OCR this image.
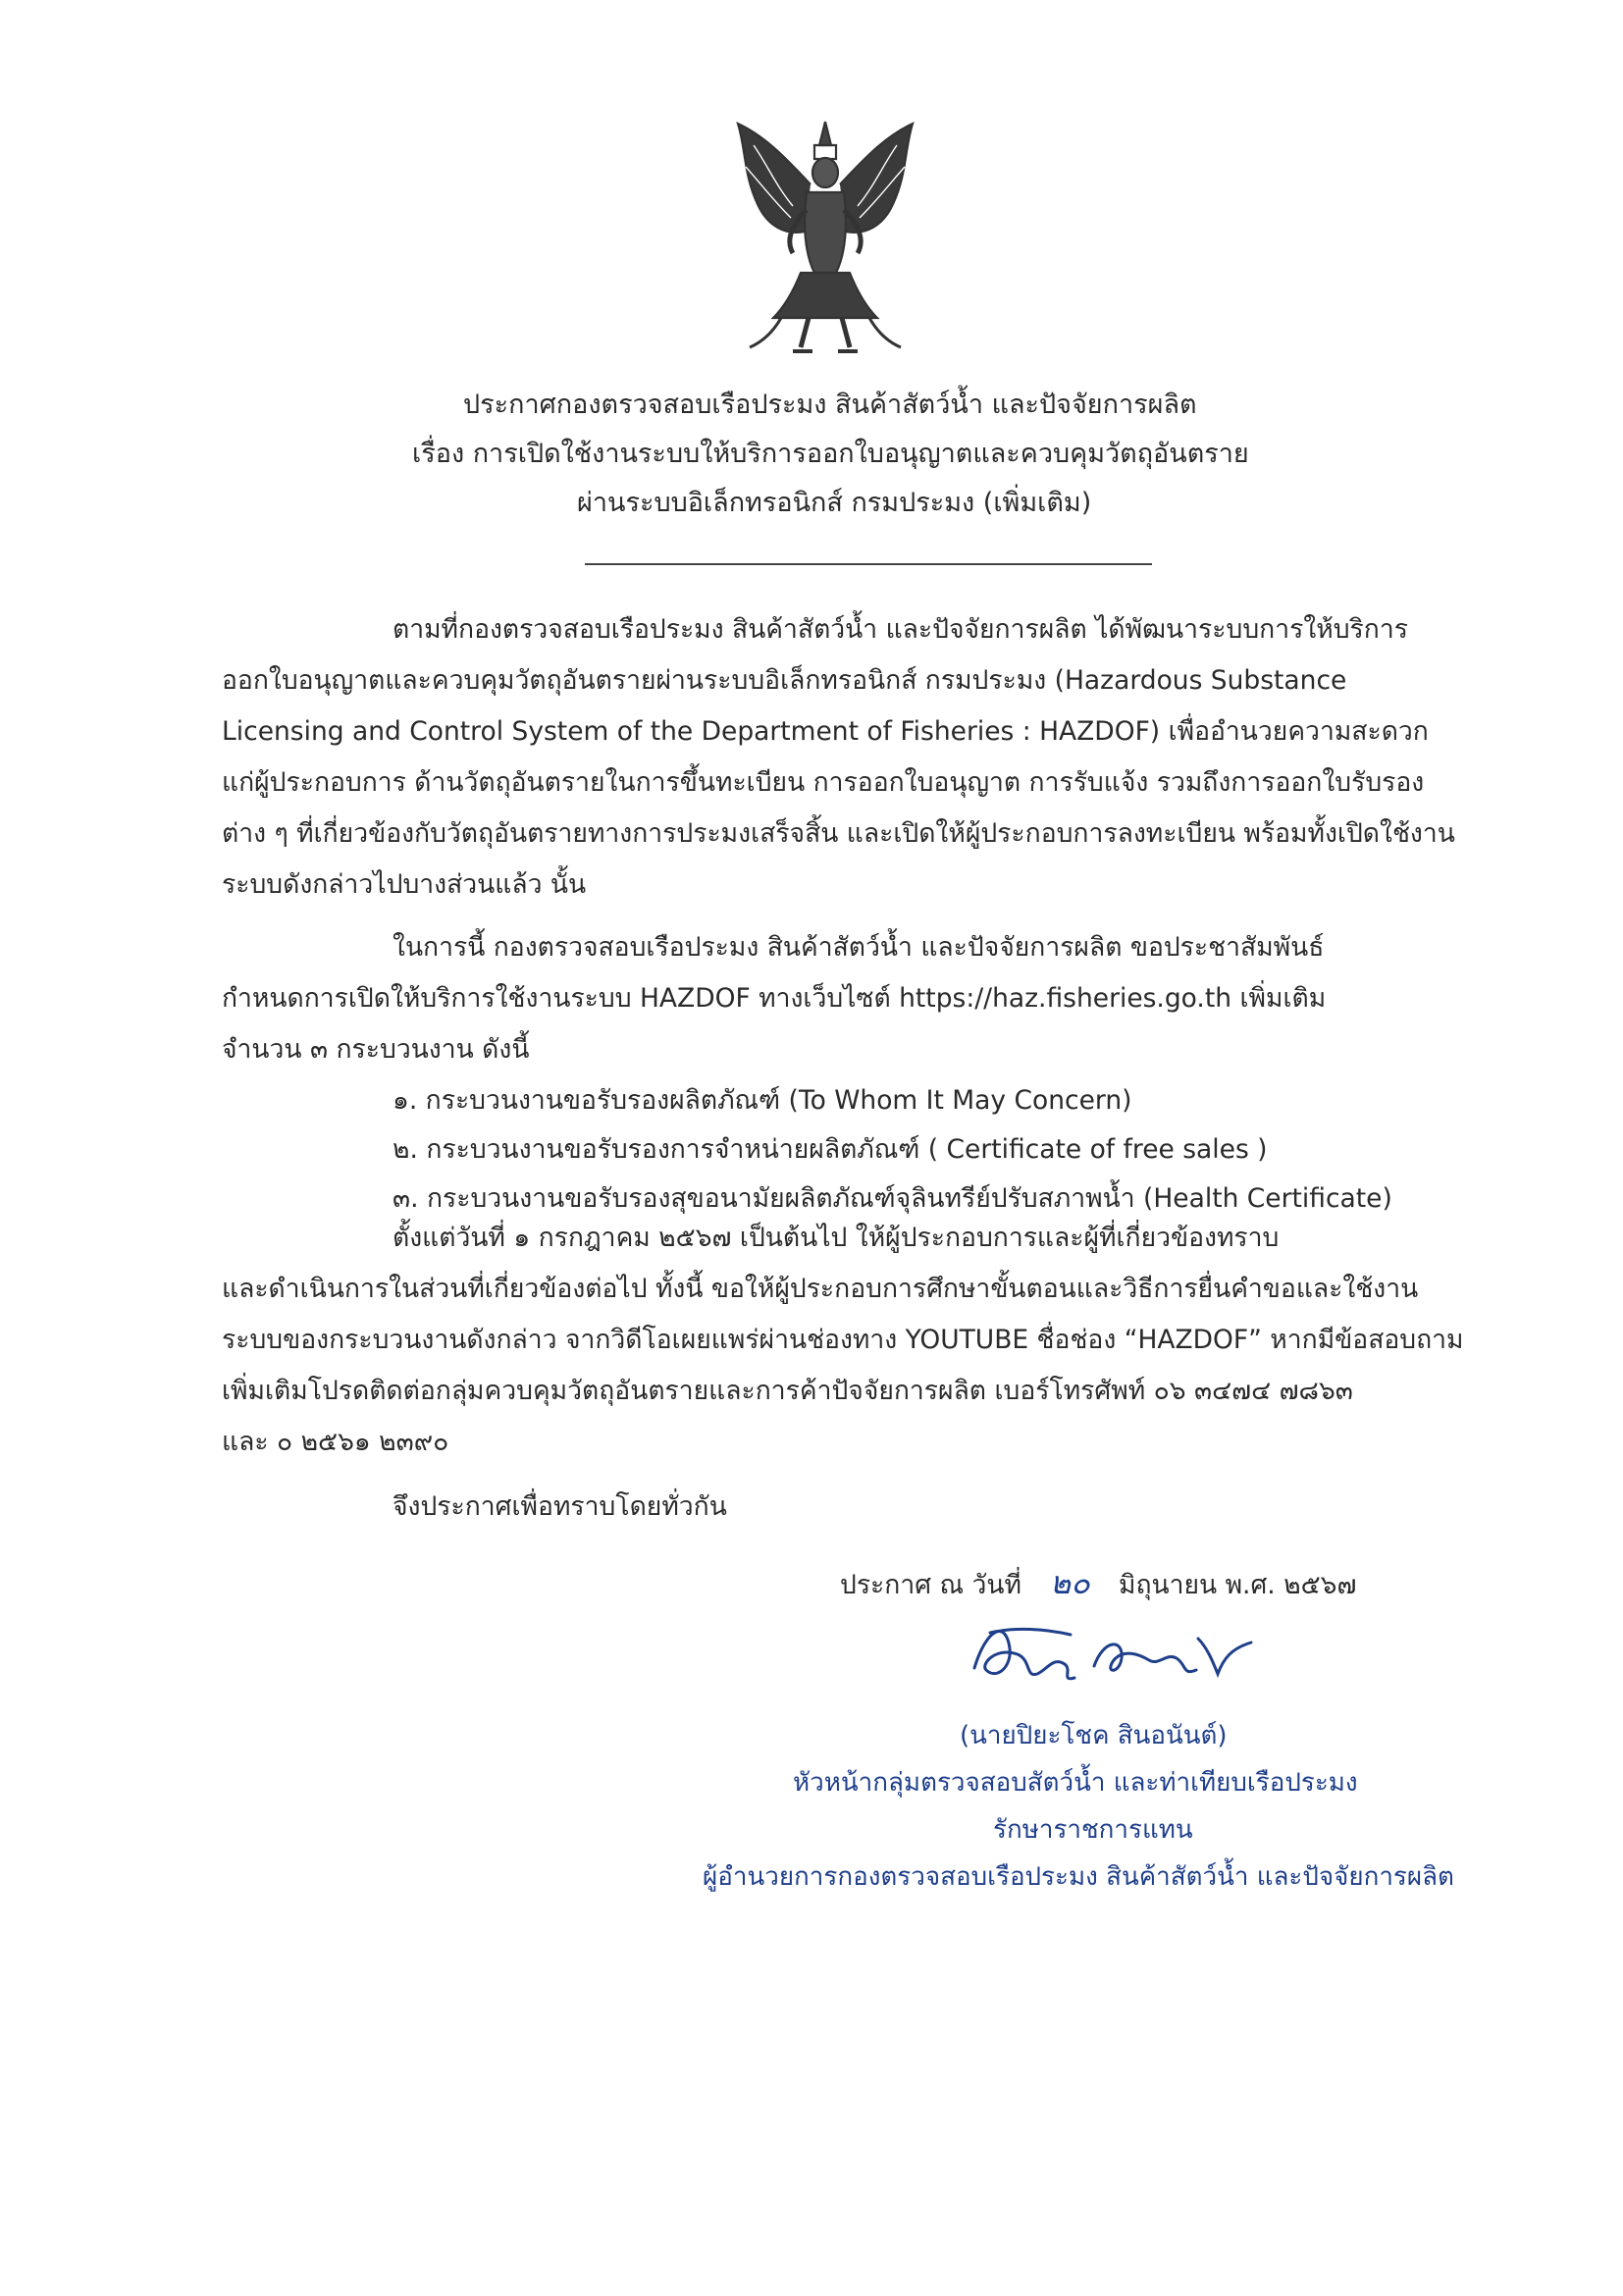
ประกาศกองตรวจสอบเรือประมง สินค้าสัตว์น้ำ และปัจจัยการผลิต
เรื่อง การเปิดใช้งานระบบให้บริการออกใบอนุญาตและควบคุมวัตถุอันตราย
ผ่านระบบอิเล็กทรอนิกส์ กรมประมง (เพิ่มเติม)
ตามที่กองตรวจสอบเรือประมง สินค้าสัตว์น้ำ และปัจจัยการผลิต ได้พัฒนาระบบการให้บริการ
ออกใบอนุญาตและควบคุมวัตถุอันตรายผ่านระบบอิเล็กทรอนิกส์ กรมประมง (Hazardous Substance
Licensing and Control System of the Department of Fisheries : HAZDOF) เพื่ออำนวยความสะดวก
แก่ผู้ประกอบการ ด้านวัตถุอันตรายในการขึ้นทะเบียน การออกใบอนุญาต การรับแจ้ง รวมถึงการออกใบรับรอง
ต่าง ๆ ที่เกี่ยวข้องกับวัตถุอันตรายทางการประมงเสร็จสิ้น และเปิดให้ผู้ประกอบการลงทะเบียน พร้อมทั้งเปิดใช้งาน
ระบบดังกล่าวไปบางส่วนแล้ว นั้น
ในการนี้ กองตรวจสอบเรือประมง สินค้าสัตว์น้ำ และปัจจัยการผลิต ขอประชาสัมพันธ์
กำหนดการเปิดให้บริการใช้งานระบบ HAZDOF ทางเว็บไซต์ https://haz.fisheries.go.th เพิ่มเติม
จำนวน ๓ กระบวนงาน ดังนี้
๑. กระบวนงานขอรับรองผลิตภัณฑ์ (To Whom It May Concern)
๒. กระบวนงานขอรับรองการจำหน่ายผลิตภัณฑ์ ( Certificate of free sales )
๓. กระบวนงานขอรับรองสุขอนามัยผลิตภัณฑ์จุลินทรีย์ปรับสภาพน้ำ (Health Certificate)
ตั้งแต่วันที่ ๑ กรกฎาคม ๒๕๖๗ เป็นต้นไป ให้ผู้ประกอบการและผู้ที่เกี่ยวข้องทราบ
และดำเนินการในส่วนที่เกี่ยวข้องต่อไป ทั้งนี้ ขอให้ผู้ประกอบการศึกษาขั้นตอนและวิธีการยื่นคำขอและใช้งาน
ระบบของกระบวนงานดังกล่าว จากวิดีโอเผยแพร่ผ่านช่องทาง YOUTUBE ชื่อช่อง “HAZDOF” หากมีข้อสอบถาม
เพิ่มเติมโปรดติดต่อกลุ่มควบคุมวัตถุอันตรายและการค้าปัจจัยการผลิต เบอร์โทรศัพท์ ๐๖ ๓๔๗๔ ๗๘๖๓
และ ๐ ๒๕๖๑ ๒๓๙๐
จึงประกาศเพื่อทราบโดยทั่วกัน
ประกาศ ณ วันที่ ๒๐ มิถุนายน พ.ศ. ๒๕๖๗
(นายปิยะโชค สินอนันต์)
หัวหน้ากลุ่มตรวจสอบสัตว์น้ำ และท่าเทียบเรือประมง
รักษาราชการแทน
ผู้อำนวยการกองตรวจสอบเรือประมง สินค้าสัตว์น้ำ และปัจจัยการผลิต
